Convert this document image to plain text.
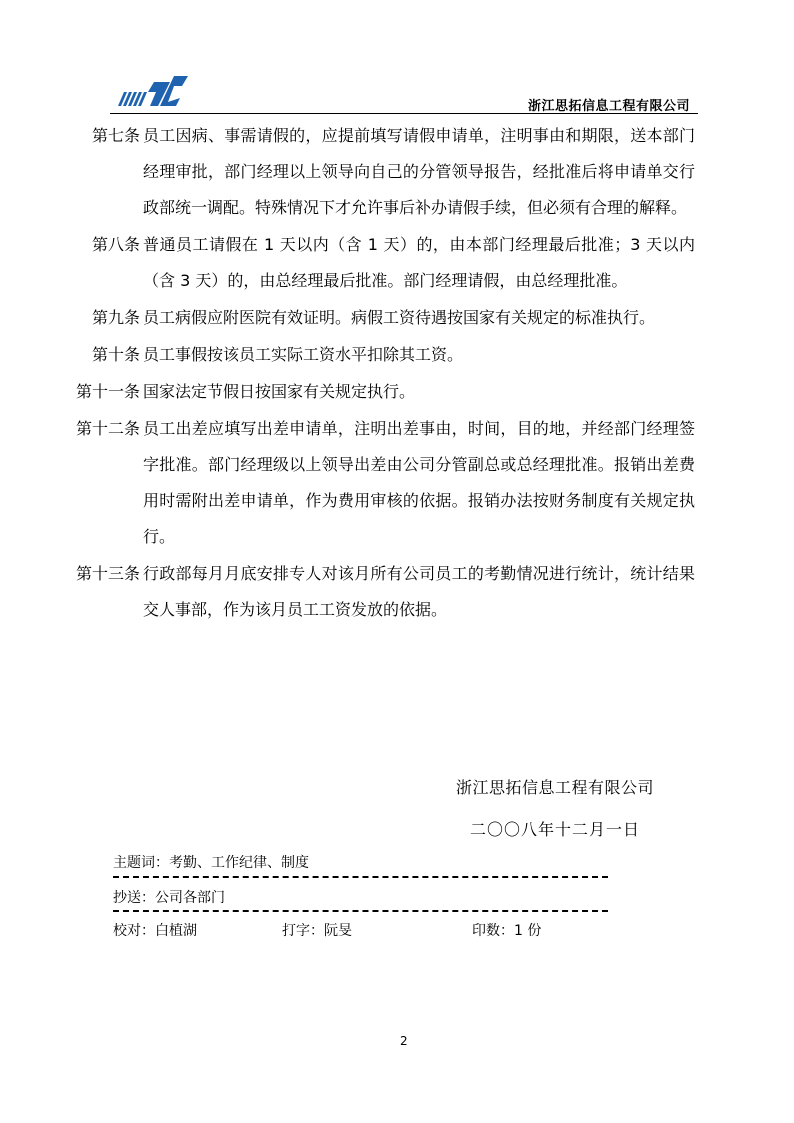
浙江思拓信息工程有限公司
第七条 员工因病、事需请假的，应提前填写请假申请单，注明事由和期限，送本部门经理审批，部门经理以上领导向自己的分管领导报告，经批准后将申请单交行政部统一调配。特殊情况下才允许事后补办请假手续，但必须有合理的解释。
第八条 普通员工请假在 1 天以内（含 1 天）的，由本部门经理最后批准；3 天以内（含 3 天）的，由总经理最后批准。部门经理请假，由总经理批准。
第九条 员工病假应附医院有效证明。病假工资待遇按国家有关规定的标准执行。
第十条 员工事假按该员工实际工资水平扣除其工资。
第十一条 国家法定节假日按国家有关规定执行。
第十二条 员工出差应填写出差申请单，注明出差事由，时间，目的地，并经部门经理签字批准。部门经理级以上领导出差由公司分管副总或总经理批准。报销出差费用时需附出差申请单，作为费用审核的依据。报销办法按财务制度有关规定执行。
第十三条 行政部每月月底安排专人对该月所有公司员工的考勤情况进行统计，统计结果交人事部，作为该月员工工资发放的依据。
浙江思拓信息工程有限公司
二〇〇八年十二月一日
主题词：考勤、工作纪律、制度
抄送：公司各部门
校对：白植湖	打字：阮旻	印数：1 份
2
